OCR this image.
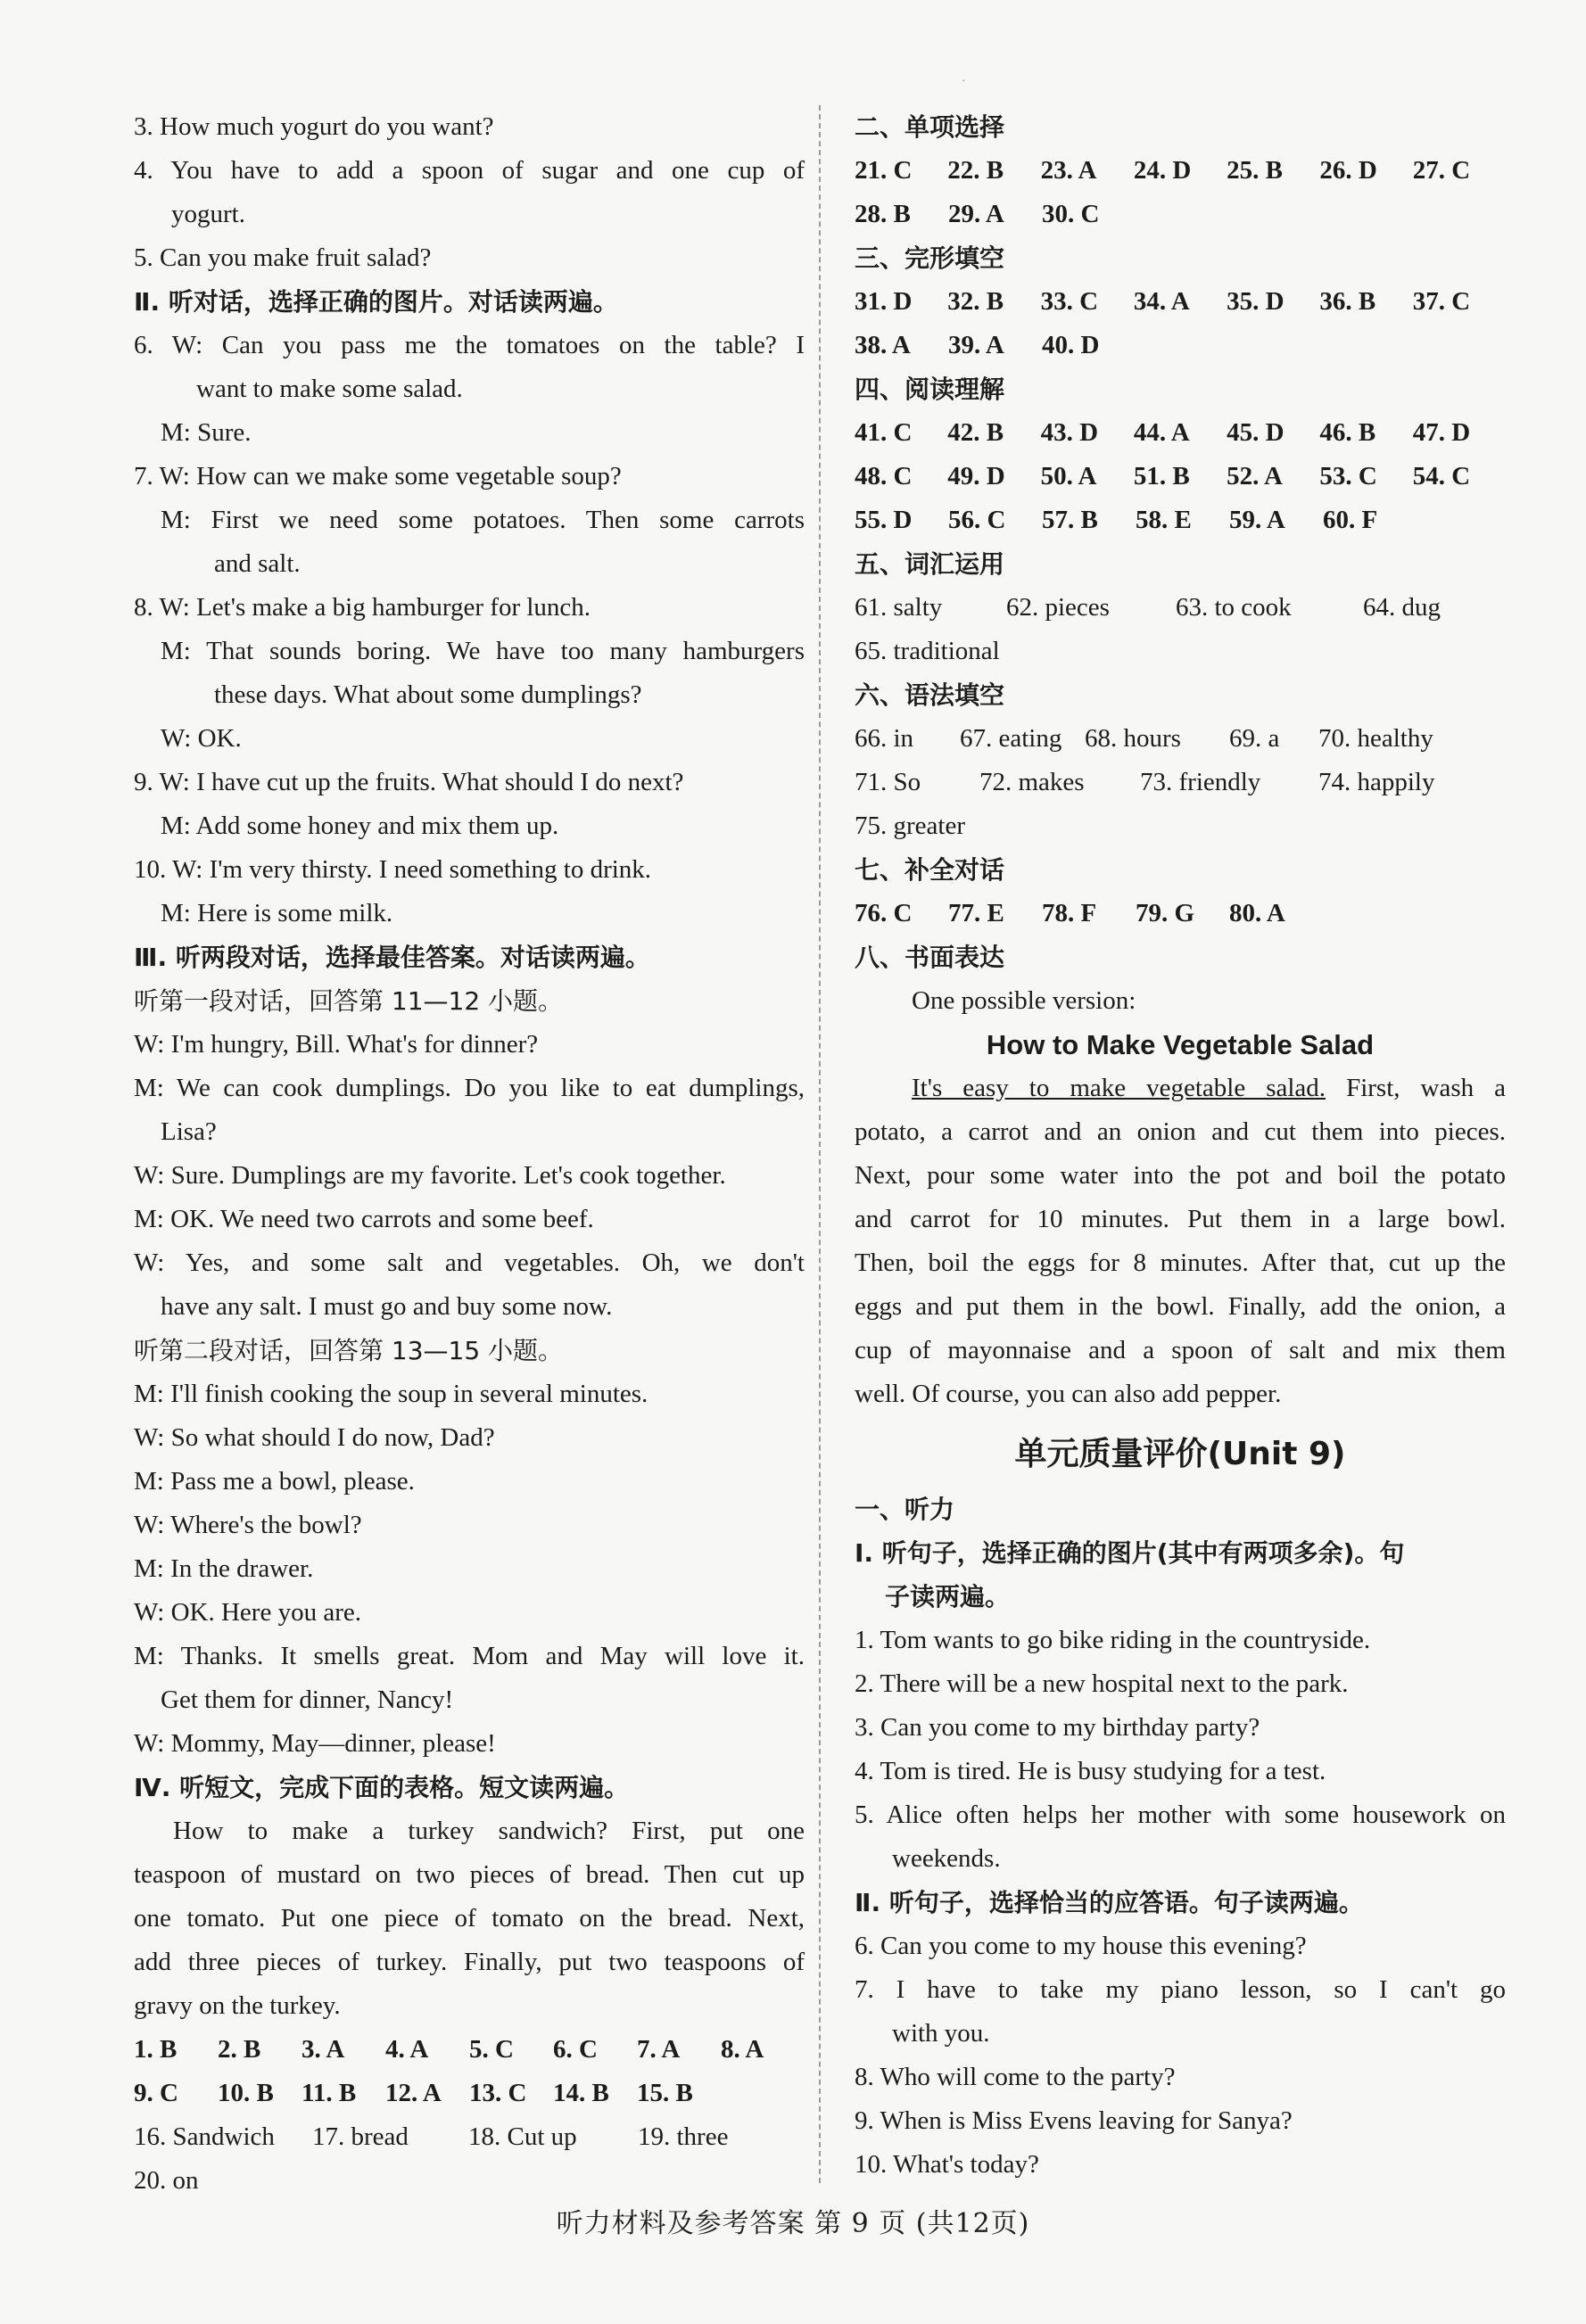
·
3. How much yogurt do you want?
4. You have to add a spoon of sugar and one cup of
yogurt.
5. Can you make fruit salad?
Ⅱ. 听对话，选择正确的图片。对话读两遍。
6. W: Can you pass me the tomatoes on the table? I
want to make some salad.
M: Sure.
7. W: How can we make some vegetable soup?
M: First we need some potatoes. Then some carrots
and salt.
8. W: Let's make a big hamburger for lunch.
M: That sounds boring. We have too many hamburgers
these days. What about some dumplings?
W: OK.
9. W: I have cut up the fruits. What should I do next?
M: Add some honey and mix them up.
10. W: I'm very thirsty. I need something to drink.
M: Here is some milk.
Ⅲ. 听两段对话，选择最佳答案。对话读两遍。
听第一段对话，回答第 11—12 小题。
W: I'm hungry, Bill. What's for dinner?
M: We can cook dumplings. Do you like to eat dumplings,
Lisa?
W: Sure. Dumplings are my favorite. Let's cook together.
M: OK. We need two carrots and some beef.
W: Yes, and some salt and vegetables. Oh, we don't
have any salt. I must go and buy some now.
听第二段对话，回答第 13—15 小题。
M: I'll finish cooking the soup in several minutes.
W: So what should I do now, Dad?
M: Pass me a bowl, please.
W: Where's the bowl?
M: In the drawer.
W: OK. Here you are.
M: Thanks. It smells great. Mom and May will love it.
Get them for dinner, Nancy!
W: Mommy, May—dinner, please!
Ⅳ. 听短文，完成下面的表格。短文读两遍。
How to make a turkey sandwich? First, put one
teaspoon of mustard on two pieces of bread. Then cut up
one tomato. Put one piece of tomato on the bread. Next,
add three pieces of turkey. Finally, put two teaspoons of
gravy on the turkey.
1. B	2. B	3. A	4. A	5. C	6. C	7. A	8. A
9. C	10. B	11. B	12. A	13. C	14. B	15. B
16. Sandwich	17. bread	18. Cut up	19. three
20. on
二、单项选择
21. C	22. B	23. A	24. D	25. B	26. D	27. C
28. B	29. A	30. C
三、完形填空
31. D	32. B	33. C	34. A	35. D	36. B	37. C
38. A	39. A	40. D
四、阅读理解
41. C	42. B	43. D	44. A	45. D	46. B	47. D
48. C	49. D	50. A	51. B	52. A	53. C	54. C
55. D	56. C	57. B	58. E	59. A	60. F
五、词汇运用
61. salty	62. pieces	63. to cook	64. dug
65. traditional
六、语法填空
66. in	67. eating 68. hours	69. a	70. healthy
71. So	72. makes	73. friendly	74. happily
75. greater
七、补全对话
76. C	77. E	78. F	79. G	80. A
八、书面表达
One possible version:
How to Make Vegetable Salad
It's easy to make vegetable salad. First, wash a
potato, a carrot and an onion and cut them into pieces.
Next, pour some water into the pot and boil the potato
and carrot for 10 minutes. Put them in a large bowl.
Then, boil the eggs for 8 minutes. After that, cut up the
eggs and put them in the bowl. Finally, add the onion, a
cup of mayonnaise and a spoon of salt and mix them
well. Of course, you can also add pepper.
单元质量评价(Unit 9)
一、听力
Ⅰ. 听句子，选择正确的图片(其中有两项多余)。句
子读两遍。
1. Tom wants to go bike riding in the countryside.
2. There will be a new hospital next to the park.
3. Can you come to my birthday party?
4. Tom is tired. He is busy studying for a test.
5. Alice often helps her mother with some housework on
weekends.
Ⅱ. 听句子，选择恰当的应答语。句子读两遍。
6. Can you come to my house this evening?
7. I have to take my piano lesson, so I can't go
with you.
8. Who will come to the party?
9. When is Miss Evens leaving for Sanya?
10. What's today?
听力材料及参考答案 第 9 页 (共12页)
